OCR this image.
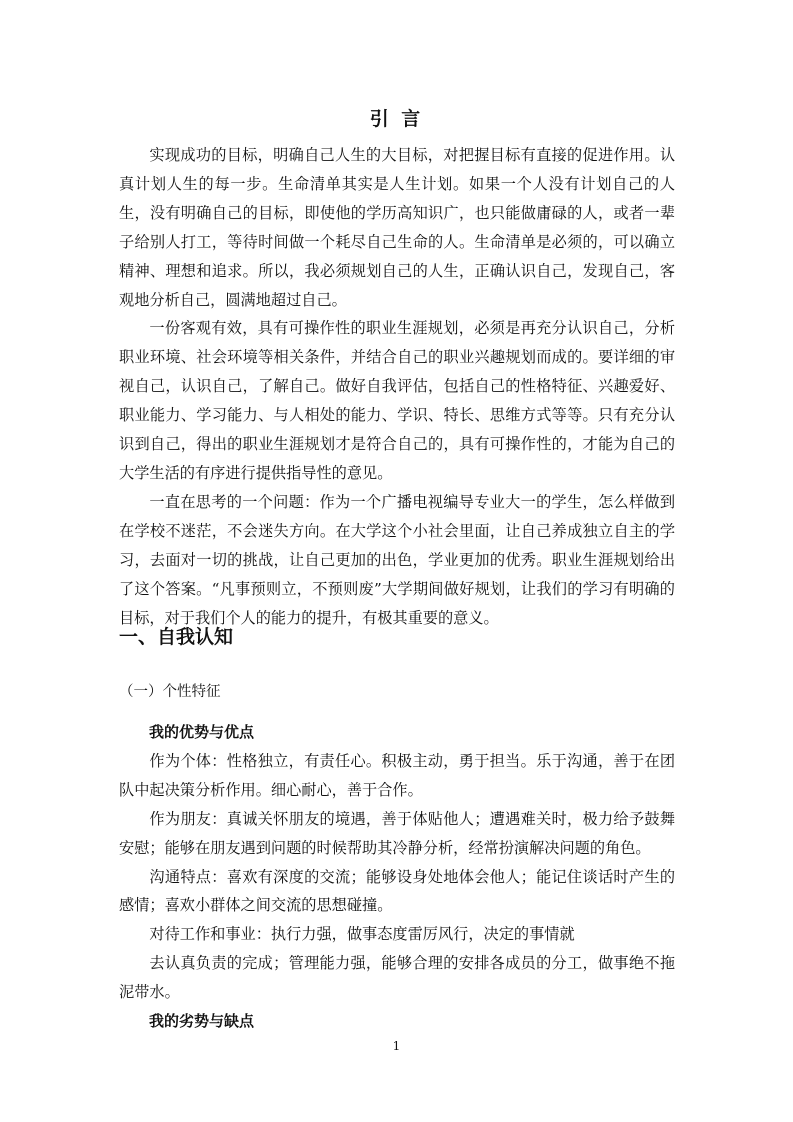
引 言

实现成功的目标，明确自己人生的大目标，对把握目标有直接的促进作用。认真计划人生的每一步。生命清单其实是人生计划。如果一个人没有计划自己的人生，没有明确自己的目标，即使他的学历高知识广，也只能做庸碌的人，或者一辈子给别人打工，等待时间做一个耗尽自己生命的人。生命清单是必须的，可以确立精神、理想和追求。所以，我必须规划自己的人生，正确认识自己，发现自己，客观地分析自己，圆满地超过自己。

一份客观有效，具有可操作性的职业生涯规划，必须是再充分认识自己，分析职业环境、社会环境等相关条件，并结合自己的职业兴趣规划而成的。要详细的审视自己，认识自己，了解自己。做好自我评估，包括自己的性格特征、兴趣爱好、职业能力、学习能力、与人相处的能力、学识、特长、思维方式等等。只有充分认识到自己，得出的职业生涯规划才是符合自己的，具有可操作性的，才能为自己的大学生活的有序进行提供指导性的意见。

一直在思考的一个问题：作为一个广播电视编导专业大一的学生，怎么样做到在学校不迷茫，不会迷失方向。在大学这个小社会里面，让自己养成独立自主的学习，去面对一切的挑战，让自己更加的出色，学业更加的优秀。职业生涯规划给出了这个答案。“凡事预则立，不预则废”大学期间做好规划，让我们的学习有明确的目标，对于我们个人的能力的提升，有极其重要的意义。

一、自我认知
（一）个性特征

我的优势与优点

作为个体：性格独立，有责任心。积极主动，勇于担当。乐于沟通，善于在团队中起决策分析作用。细心耐心，善于合作。

作为朋友：真诚关怀朋友的境遇，善于体贴他人；遭遇难关时，极力给予鼓舞安慰；能够在朋友遇到问题的时候帮助其冷静分析，经常扮演解决问题的角色。

沟通特点：喜欢有深度的交流；能够设身处地体会他人；能记住谈话时产生的感情；喜欢小群体之间交流的思想碰撞。

对待工作和事业：执行力强，做事态度雷厉风行，决定的事情就

去认真负责的完成；管理能力强，能够合理的安排各成员的分工，做事绝不拖泥带水。

我的劣势与缺点

1
